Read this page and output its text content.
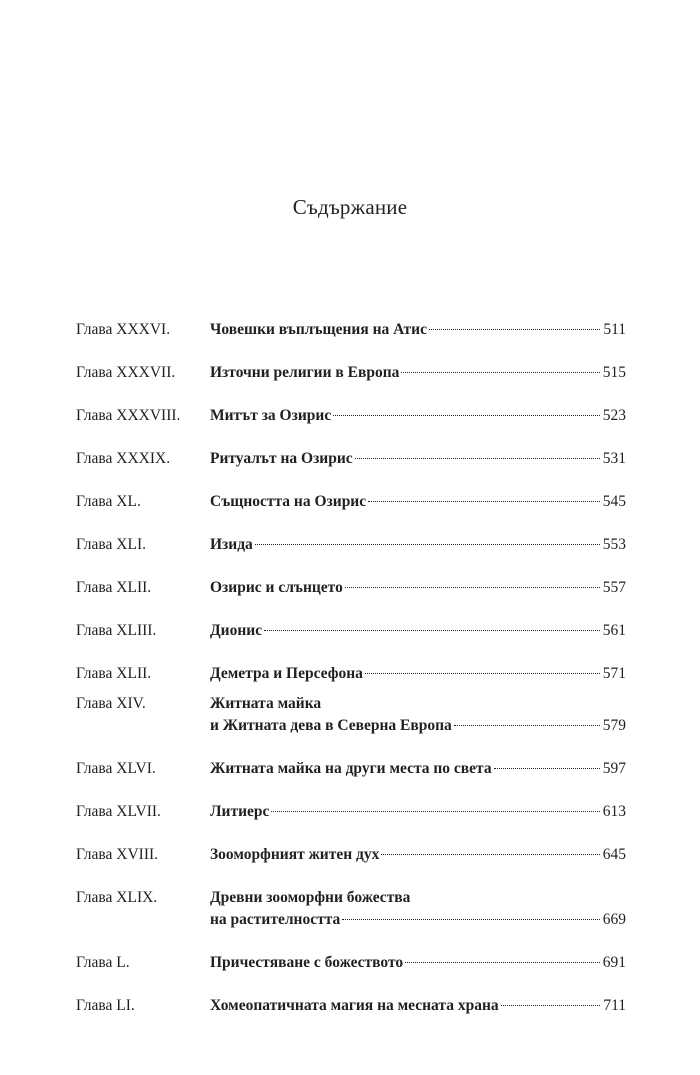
Съдържание
Глава XXXVI.	Човешки въплъщения на Атис	511
Глава XXXVII. Източни религии в Европа	515
Глава XXXVIII. Митът за Озирис	523
Глава XXXIX.	Ритуалът на Озирис	531
Глава XL.	Същността на Озирис	545
Глава XLI.	Изида	553
Глава XLII.	Озирис и слънцето	557
Глава XLIII.	Дионис	561
Глава XLII.	Деметра и Персефона	571
Глава XIV.	Житната майка
и Житната дева в Северна Европа	579
Глава XLVI.	Житната майка на други места по света	597
Глава XLVII.	Литиерс	613
Глава XVIII.	Зооморфният житен дух	645
Глава XLIX.	Древни зооморфни божества
на растителността	669
Глава L.	Причестяване с божеството	691
Глава LI.	Хомеопатичната магия на месната храна	711
